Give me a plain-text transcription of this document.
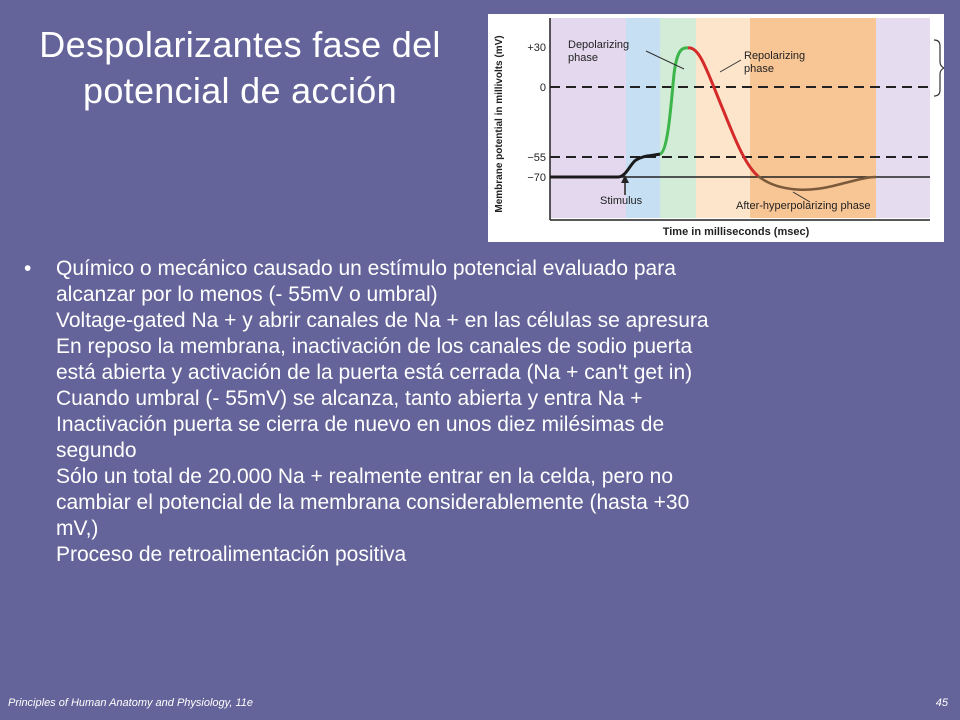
Despolarizantes fase del
potencial de acción
+30
0
−55
−70
Membrane potential in millivolts (mV)
Time in milliseconds (msec)
Depolarizing
phase	Repolarizing
phase
Stimulus	After-hyperpolarizing phase
•	Químico o mecánico causado un estímulo potencial evaluado para
alcanzar por lo menos (- 55mV o umbral)
Voltage-gated Na + y abrir canales de Na + en las células se apresura
En reposo la membrana, inactivación de los canales de sodio puerta
está abierta y activación de la puerta está cerrada (Na + can't get in)
Cuando umbral (- 55mV) se alcanza, tanto abierta y entra Na +
Inactivación puerta se cierra de nuevo en unos diez milésimas de
segundo
Sólo un total de 20.000 Na + realmente entrar en la celda, pero no
cambiar el potencial de la membrana considerablemente (hasta +30
mV,)
Proceso de retroalimentación positiva
Principles of Human Anatomy and Physiology, 11e	45
